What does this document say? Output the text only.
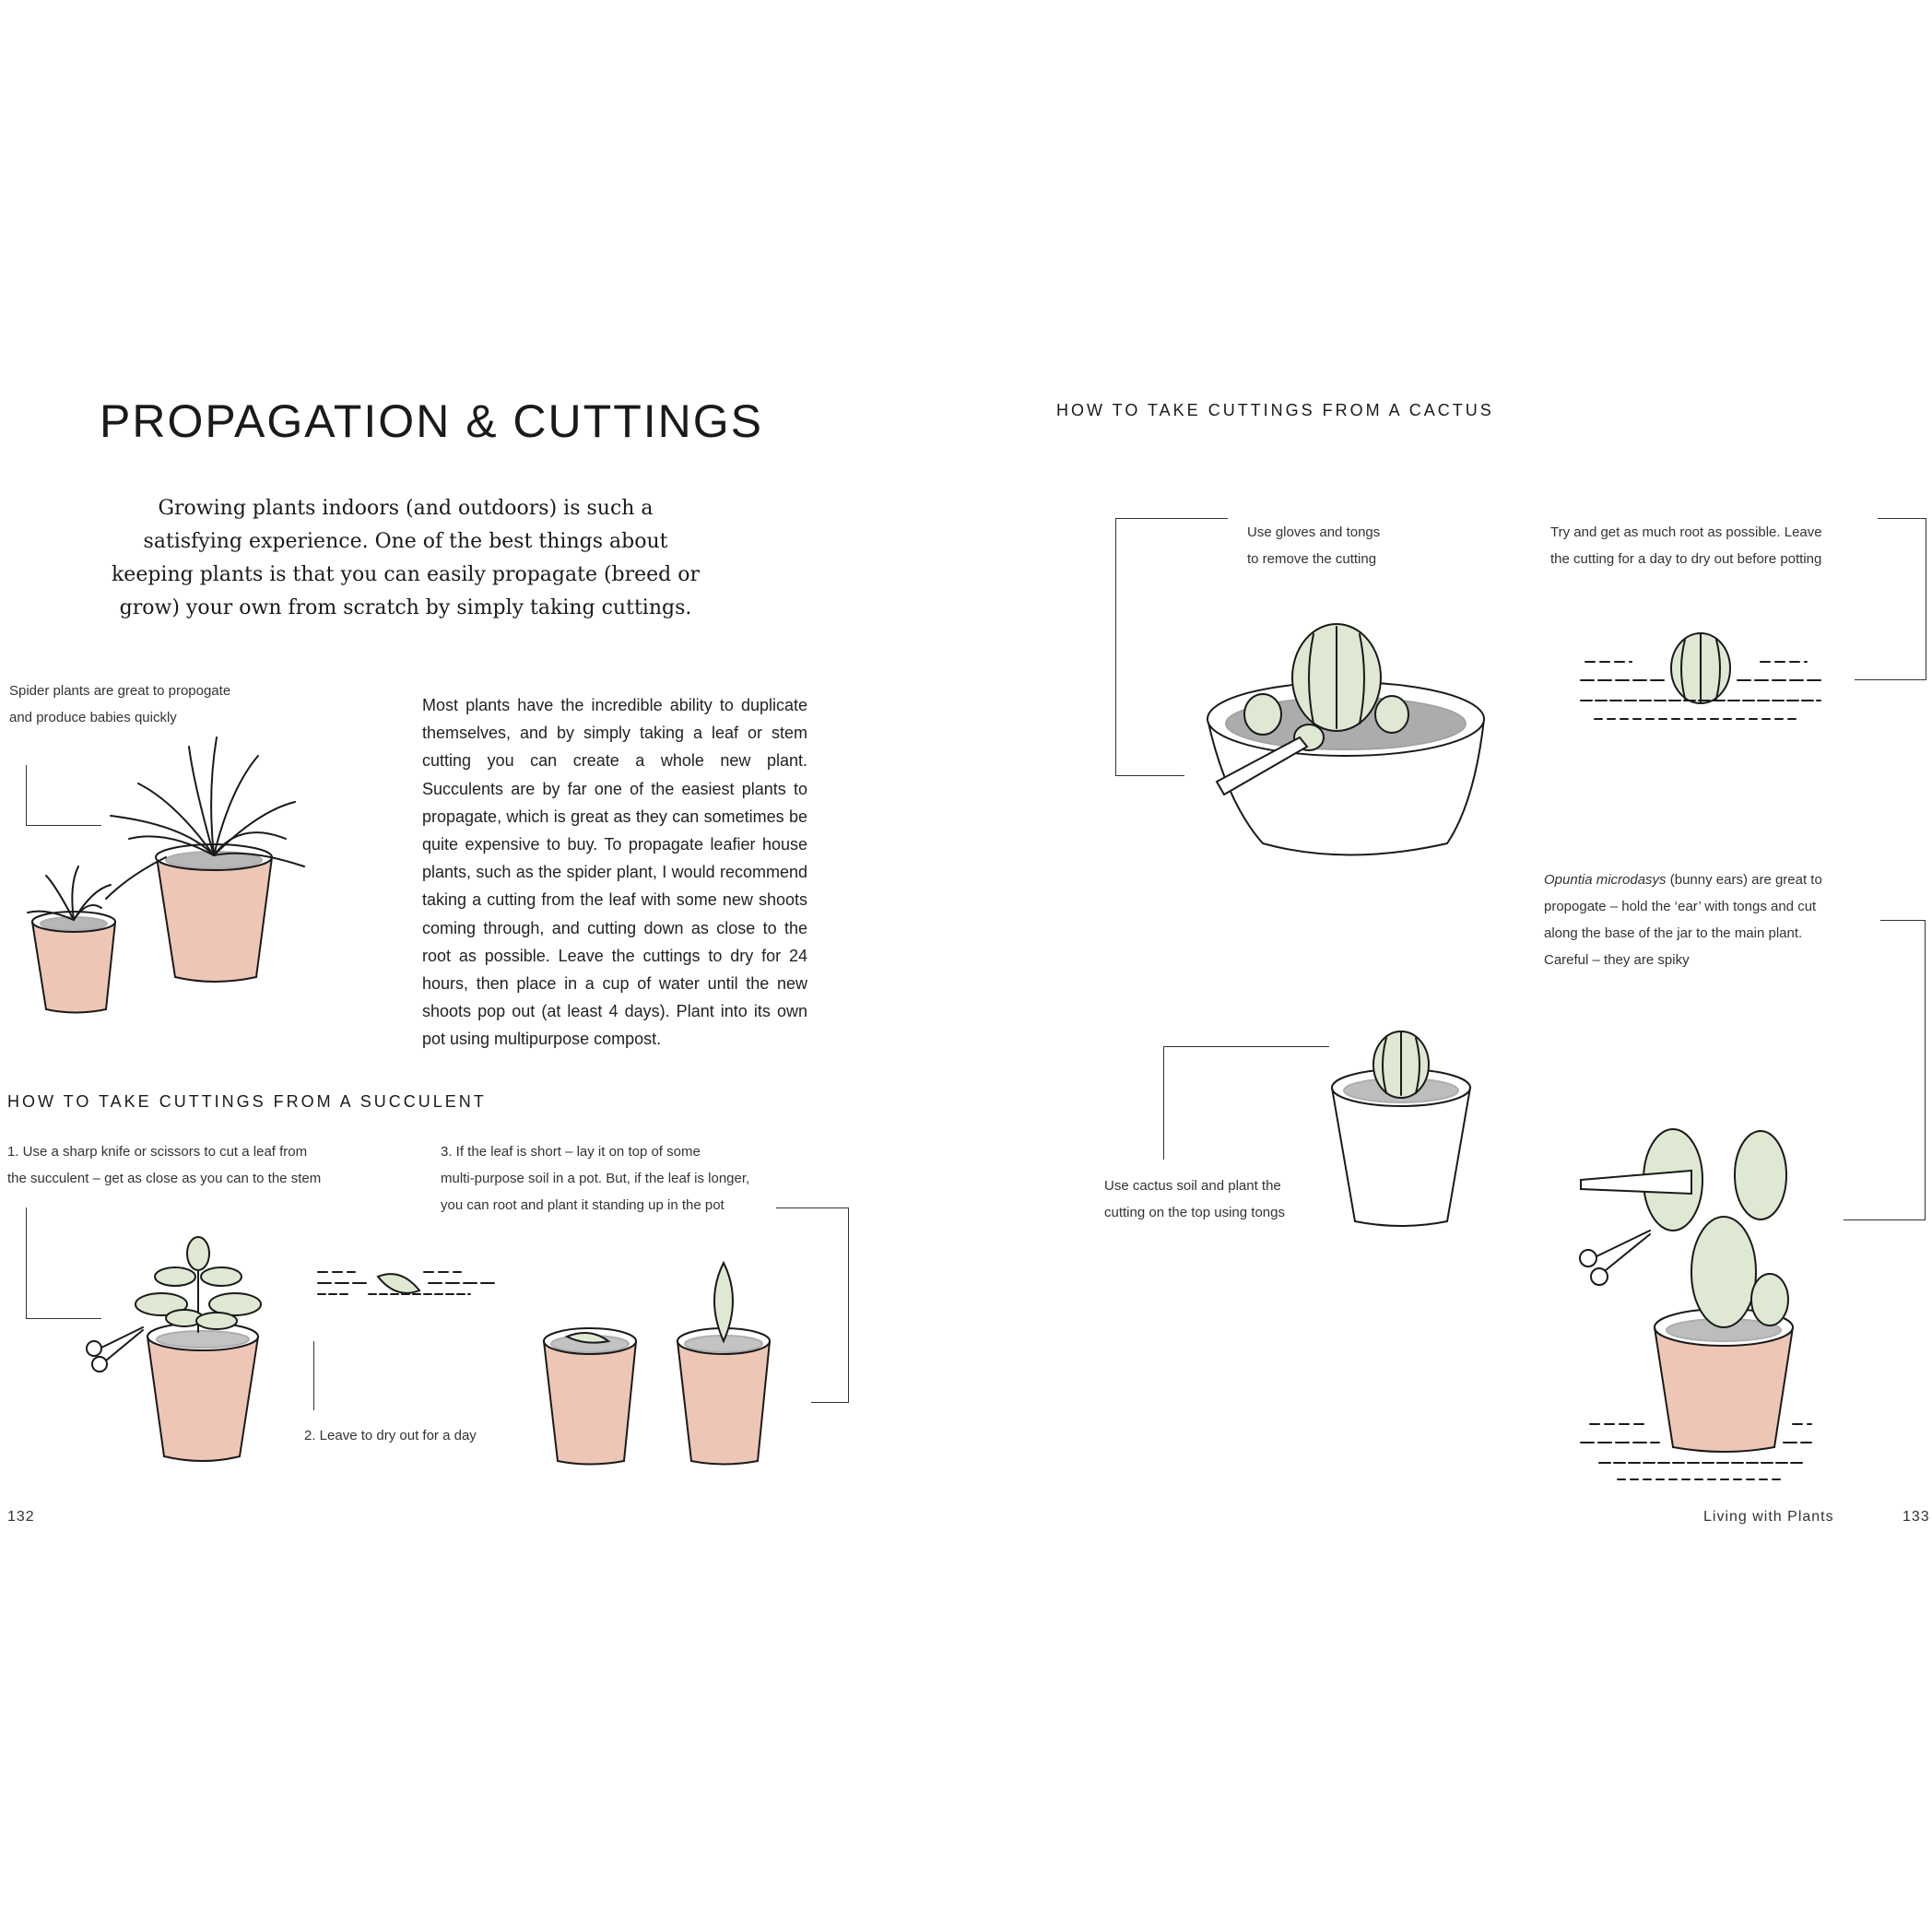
PROPAGATION & CUTTINGS
Growing plants indoors (and outdoors) is such a satisfying experience. One of the best things about keeping plants is that you can easily propagate (breed or grow) your own from scratch by simply taking cuttings.
Spider plants are great to propogate
and produce babies quickly
Most plants have the incredible ability to duplicate themselves, and by simply taking a leaf or stem cutting you can create a whole new plant. Succulents are by far one of the easiest plants to propagate, which is great as they can sometimes be quite expensive to buy. To propagate leafier house plants, such as the spider plant, I would recommend taking a cutting from the leaf with some new shoots coming through, and cutting down as close to the root as possible. Leave the cuttings to dry for 24 hours, then place in a cup of water until the new shoots pop out (at least 4 days). Plant into its own pot using multipurpose compost.
HOW TO TAKE CUTTINGS FROM A SUCCULENT
1. Use a sharp knife or scissors to cut a leaf from
the succulent – get as close as you can to the stem
3. If the leaf is short – lay it on top of some
multi-purpose soil in a pot. But, if the leaf is longer,
you can root and plant it standing up in the pot
2. Leave to dry out for a day
132
HOW TO TAKE CUTTINGS FROM A CACTUS
Use gloves and tongs
to remove the cutting
Try and get as much root as possible. Leave
the cutting for a day to dry out before potting
Opuntia microdasys (bunny ears) are great to
propogate – hold the ‘ear’ with tongs and cut
along the base of the jar to the main plant.
Careful – they are spiky
Use cactus soil and plant the
cutting on the top using tongs
Living with Plants	133
